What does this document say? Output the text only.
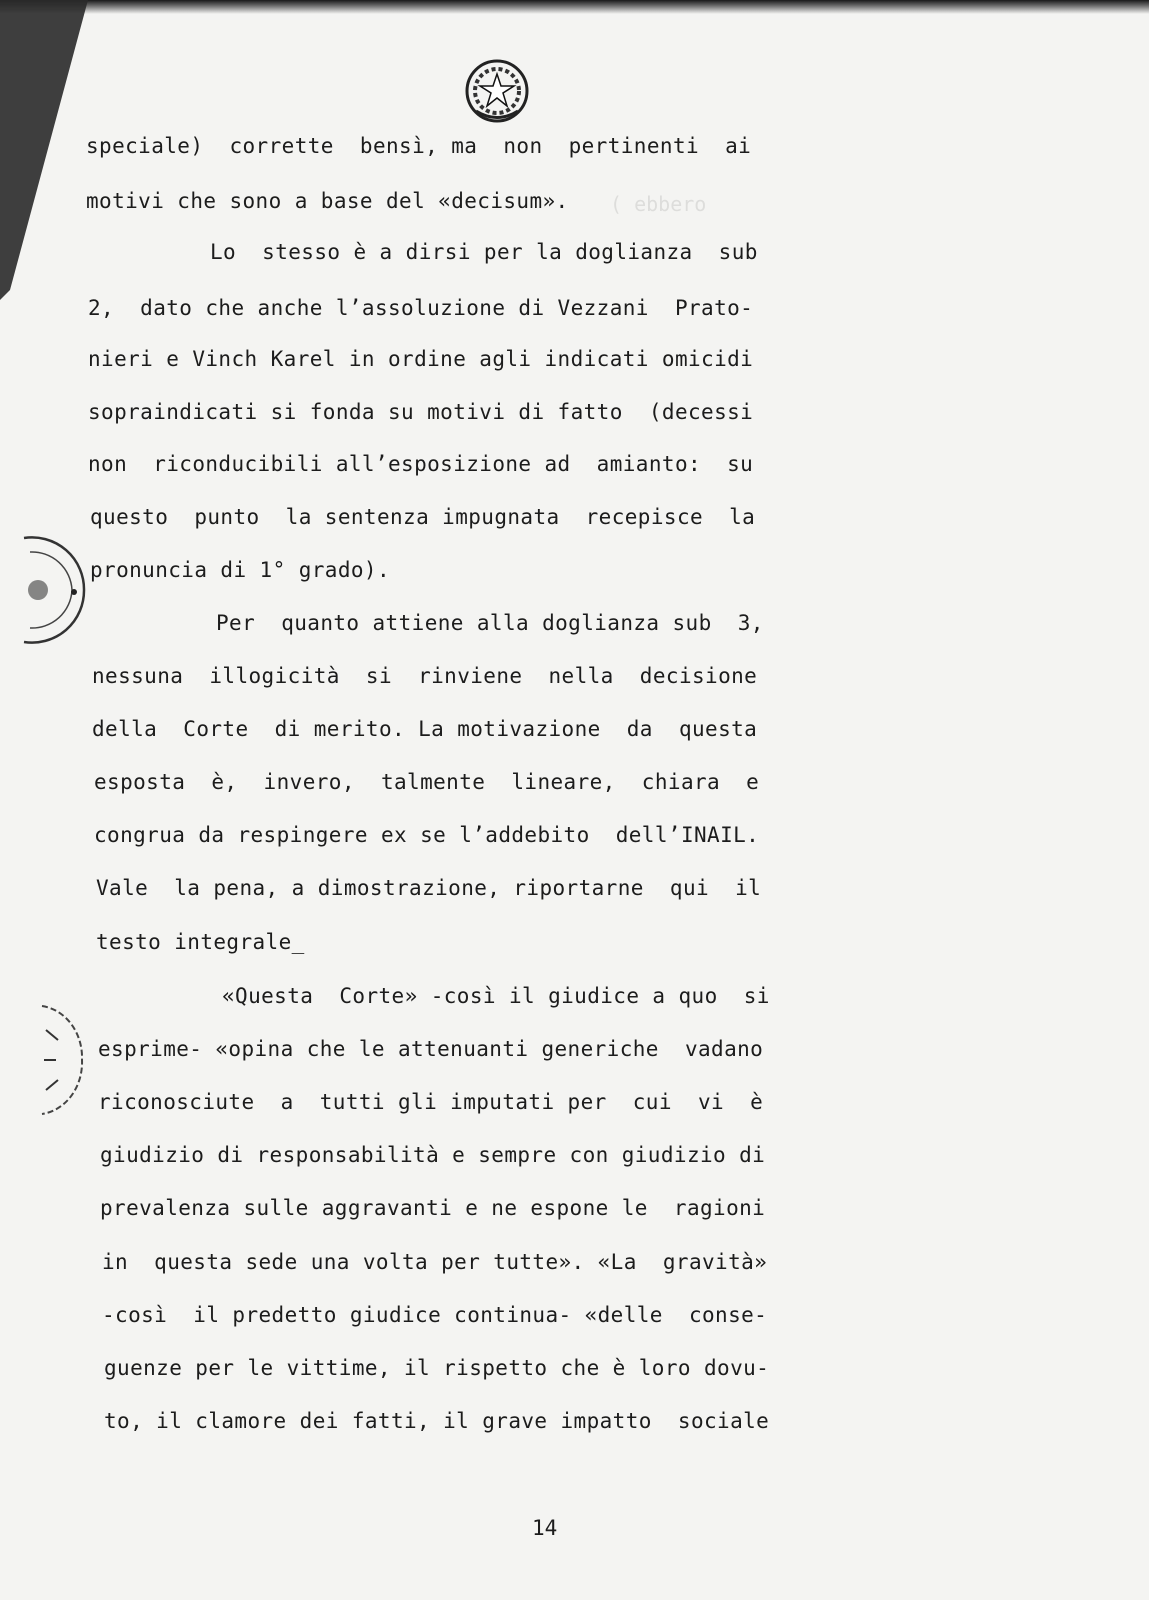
( ebbero
speciale)  corrette  bensì, ma  non  pertinenti  ai
motivi che sono a base del «decisum».
Lo  stesso è a dirsi per la doglianza  sub
2,  dato che anche l’assoluzione di Vezzani  Prato-
nieri e Vinch Karel in ordine agli indicati omicidi
sopraindicati si fonda su motivi di fatto  (decessi
non  riconducibili all’esposizione ad  amianto:  su
questo  punto  la sentenza impugnata  recepisce  la
pronuncia di 1° grado).
Per  quanto attiene alla doglianza sub  3,
nessuna  illogicità  si  rinviene  nella  decisione
della  Corte  di merito. La motivazione  da  questa
esposta  è,  invero,  talmente  lineare,  chiara  e
congrua da respingere ex se l’addebito  dell’INAIL.
Vale  la pena, a dimostrazione, riportarne  qui  il
testo integrale_
«Questa  Corte» -così il giudice a quo  si
esprime- «opina che le attenuanti generiche  vadano
riconosciute  a  tutti gli imputati per  cui  vi  è
giudizio di responsabilità e sempre con giudizio di
prevalenza sulle aggravanti e ne espone le  ragioni
in  questa sede una volta per tutte». «La  gravità»
-così  il predetto giudice continua- «delle  conse-
guenze per le vittime, il rispetto che è loro dovu-
to, il clamore dei fatti, il grave impatto  sociale
14
